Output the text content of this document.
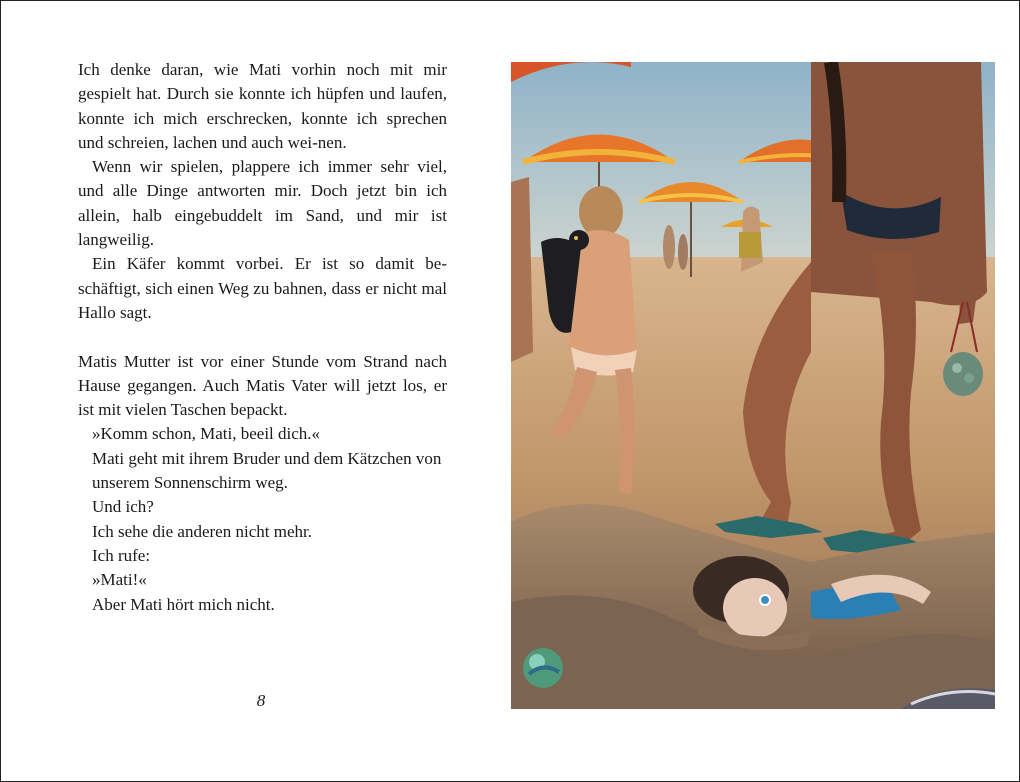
Ich denke daran, wie Mati vorhin noch mit mir gespielt hat. Durch sie konnte ich hüpfen und laufen, konnte ich mich erschrecken, konnte ich sprechen und schreien, lachen und auch wei-nen.

Wenn wir spielen, plappere ich immer sehr viel, und alle Dinge antworten mir. Doch jetzt bin ich allein, halb eingebuddelt im Sand, und mir ist langweilig.

Ein Käfer kommt vorbei. Er ist so damit be-schäftigt, sich einen Weg zu bahnen, dass er nicht mal Hallo sagt.

Matis Mutter ist vor einer Stunde vom Strand nach Hause gegangen. Auch Matis Vater will jetzt los, er ist mit vielen Taschen bepackt.

»Komm schon, Mati, beeil dich.«

Mati geht mit ihrem Bruder und dem Kätzchen von unserem Sonnenschirm weg.

Und ich?

Ich sehe die anderen nicht mehr.

Ich rufe:

»Mati!«

Aber Mati hört mich nicht.

8
